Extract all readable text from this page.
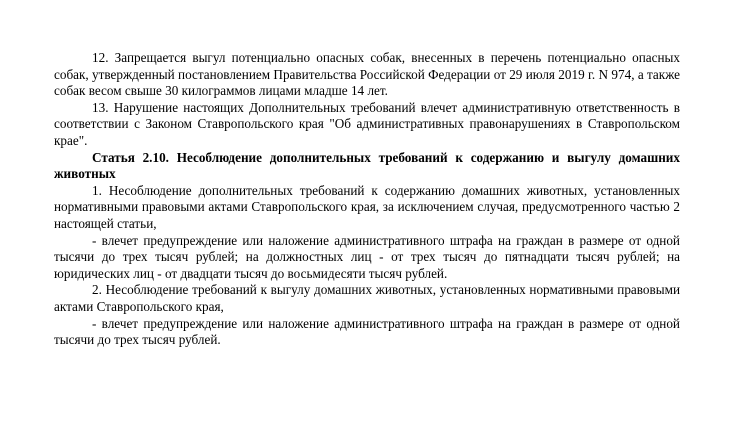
12. Запрещается выгул потенциально опасных собак, внесенных в перечень потенциально опасных собак, утвержденный постановлением Правительства Российской Федерации от 29 июля 2019 г. N 974, а также собак весом свыше 30 килограммов лицами младше 14 лет.

13. Нарушение настоящих Дополнительных требований влечет административную ответственность в соответствии с Законом Ставропольского края "Об административных правонарушениях в Ставропольском крае".

Статья 2.10. Несоблюдение дополнительных требований к содержанию и выгулу домашних животных

1. Несоблюдение дополнительных требований к содержанию домашних животных, установленных нормативными правовыми актами Ставропольского края, за исключением случая, предусмотренного частью 2 настоящей статьи,

- влечет предупреждение или наложение административного штрафа на граждан в размере от одной тысячи до трех тысяч рублей; на должностных лиц - от трех тысяч до пятнадцати тысяч рублей; на юридических лиц - от двадцати тысяч до восьмидесяти тысяч рублей.

2. Несоблюдение требований к выгулу домашних животных, установленных нормативными правовыми актами Ставропольского края,

- влечет предупреждение или наложение административного штрафа на граждан в размере от одной тысячи до трех тысяч рублей.
